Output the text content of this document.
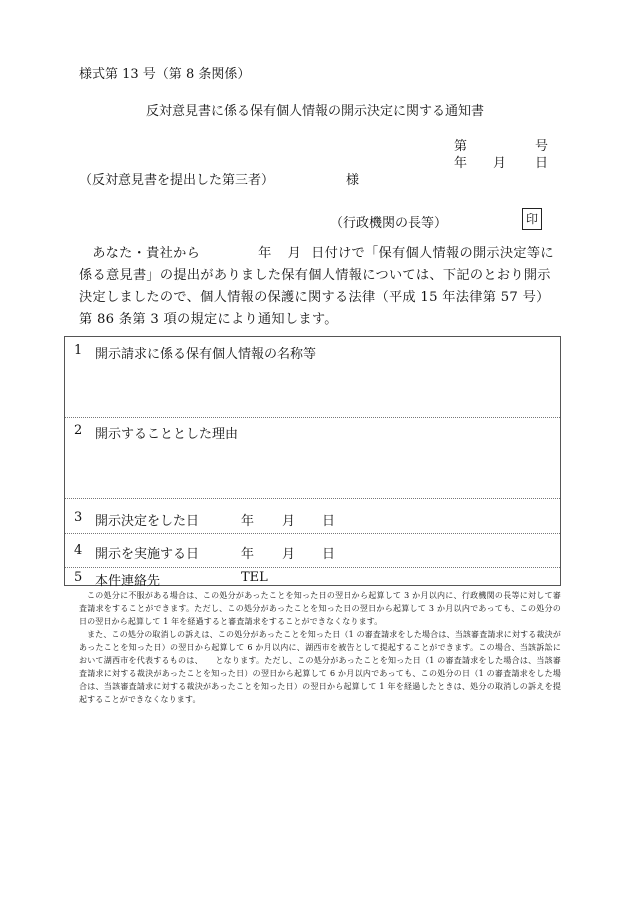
様式第 13 号（第 8 条関係）
反対意見書に係る保有個人情報の開示決定に関する通知書
第	号
年 月 日
（反対意見書を提出した第三者）	様
（行政機関の長等）	印

あなた・貴社から	年 月 日付けで「保有個人情報の開示決定等に係る意見書」の提出がありました保有個人情報については、下記のとおり開示決定しましたので、個人情報の保護に関する法律（平成 15 年法律第 57 号）第 86 条第 3 項の規定により通知します。

1 開示請求に係る保有個人情報の名称等
2 開示することとした理由
3 開示決定をした日	年 月 日
4 開示を実施する日	年 月 日
5 本件連絡先	TEL

この処分に不服がある場合は、この処分があったことを知った日の翌日から起算して 3 か月以内に、行政機関の長等に対して審査請求をすることができます。ただし、この処分があったことを知った日の翌日から起算して 3 か月以内であっても、この処分の日の翌日から起算して 1 年を経過すると審査請求をすることができなくなります。

また、この処分の取消しの訴えは、この処分があったことを知った日（1 の審査請求をした場合は、当該審査請求に対する裁決があったことを知った日）の翌日から起算して 6 か月以内に、湖西市を被告として提起することができます。この場合、当該訴訟において湖西市を代表するものは、　　となります。ただし、この処分があったことを知った日（1 の審査請求をした場合は、当該審査請求に対する裁決があったことを知った日）の翌日から起算して 6 か月以内であっても、この処分の日（1 の審査請求をした場合は、当該審査請求に対する裁決があったことを知った日）の翌日から起算して 1 年を経過したときは、処分の取消しの訴えを提起することができなくなります。
